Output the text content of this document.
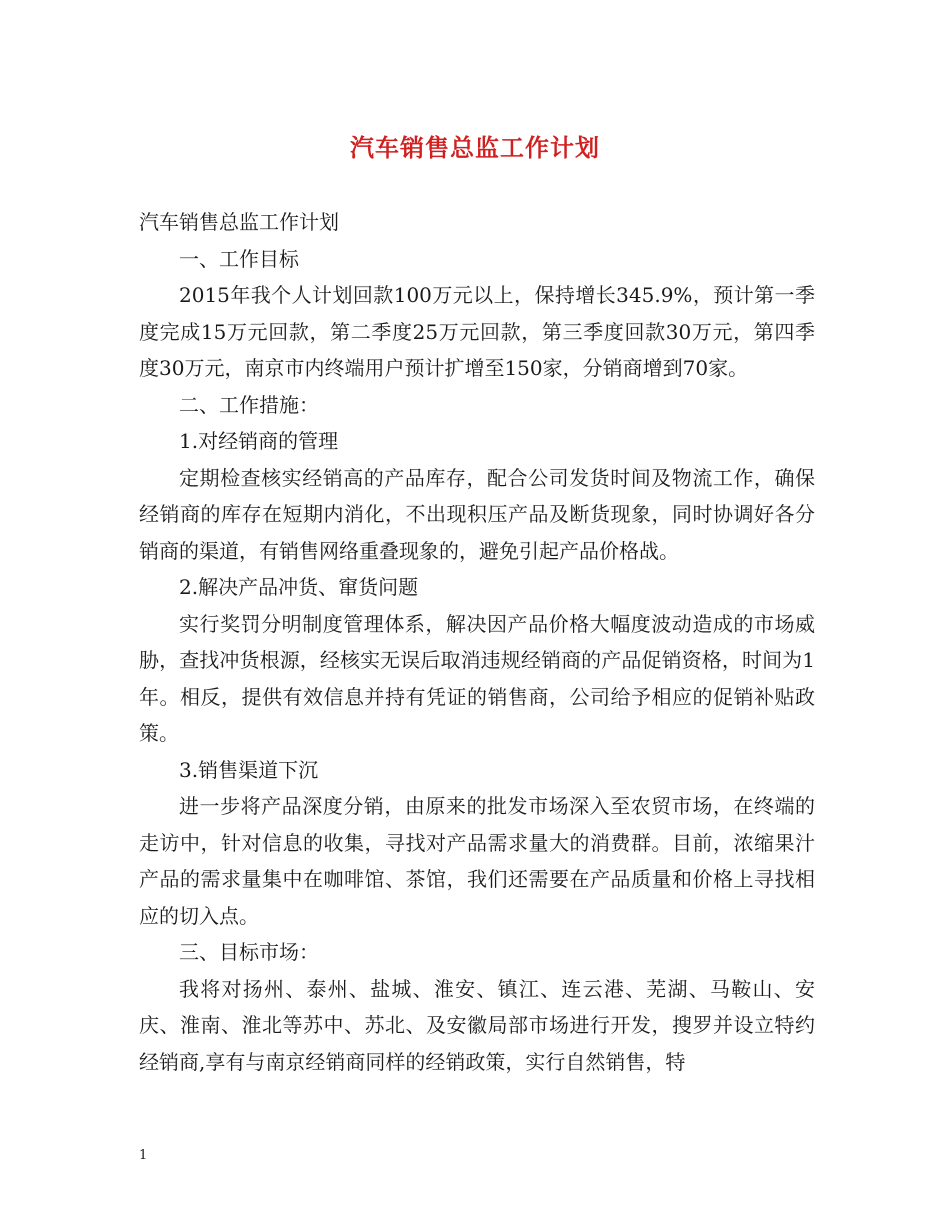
汽车销售总监工作计划

汽车销售总监工作计划

一、工作目标

2015年我个人计划回款100万元以上，保持增长345.9%，预计第一季度完成15万元回款，第二季度25万元回款，第三季度回款30万元，第四季度30万元，南京市内终端用户预计扩增至150家，分销商增到70家。

二、工作措施：

1.对经销商的管理

定期检查核实经销高的产品库存，配合公司发货时间及物流工作，确保经销商的库存在短期内消化，不出现积压产品及断货现象，同时协调好各分销商的渠道，有销售网络重叠现象的，避免引起产品价格战。

2.解决产品冲货、窜货问题

实行奖罚分明制度管理体系，解决因产品价格大幅度波动造成的市场威胁，查找冲货根源，经核实无误后取消违规经销商的产品促销资格，时间为1年。相反，提供有效信息并持有凭证的销售商，公司给予相应的促销补贴政策。

3.销售渠道下沉

进一步将产品深度分销，由原来的批发市场深入至农贸市场，在终端的走访中，针对信息的收集，寻找对产品需求量大的消费群。目前，浓缩果汁产品的需求量集中在咖啡馆、茶馆，我们还需要在产品质量和价格上寻找相应的切入点。

三、目标市场：

我将对扬州、泰州、盐城、淮安、镇江、连云港、芜湖、马鞍山、安庆、淮南、淮北等苏中、苏北、及安徽局部市场进行开发，搜罗并设立特约经销商,享有与南京经销商同样的经销政策，实行自然销售，特

1
